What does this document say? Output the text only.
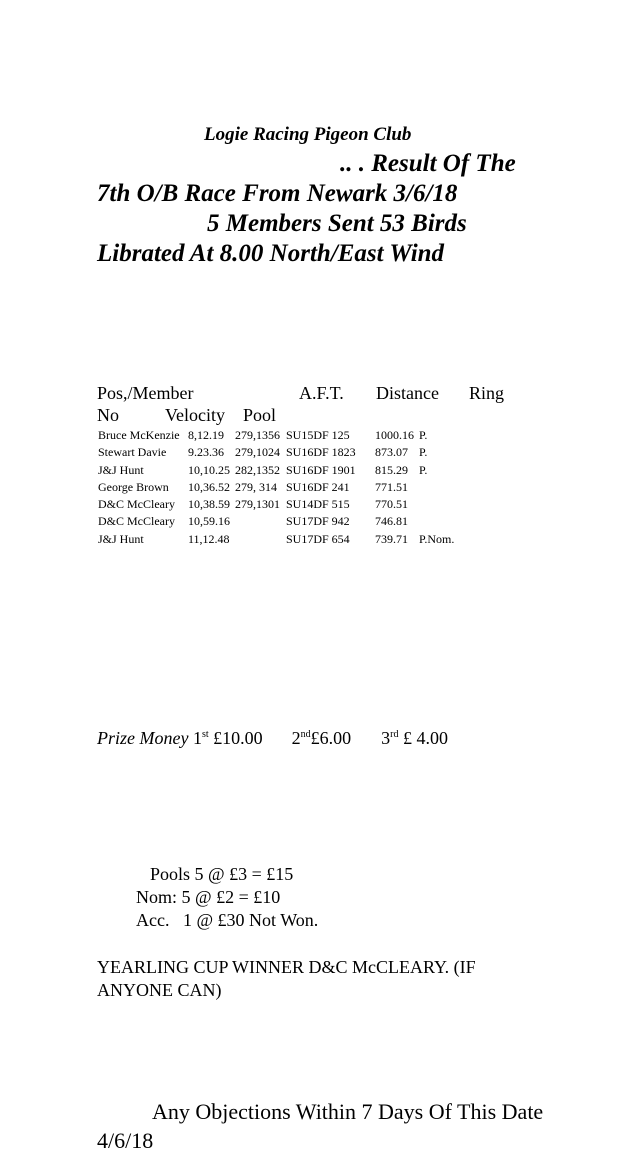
Logie Racing Pigeon Club
.. . Result Of The
7th O/B Race From Newark 3/6/18
5 Members Sent 53 Birds
Librated At 8.00 North/East Wind
Pos,/Member	A.F.T. Distance Ring
No	Velocity Pool
Bruce McKenzie	8,12.19	279,1356	SU15DF 125	1000.16	P.
Stewart Davie	9.23.36	279,1024	SU16DF 1823	873.07	P.
J&J Hunt	10,10.25	282,1352	SU16DF 1901	815.29	P.
George Brown	10,36.52	279, 314	SU16DF 241	771.51	
D&C McCleary	10,38.59	279,1301	SU14DF 515	770.51	
D&C McCleary	10,59.16		SU17DF 942	746.81	
J&J Hunt	11,12.48		SU17DF 654	739.71	P.Nom.
Prize Money 1st £10.00 2nd£6.00 3rd £ 4.00
Pools 5 @ £3 = £15
Nom: 5 @ £2 = £10
Acc.   1 @ £30 Not Won.
YEARLING CUP WINNER D&C McCLEARY. (IF ANYONE CAN)
Any Objections Within 7 Days Of This Date 4/6/18
